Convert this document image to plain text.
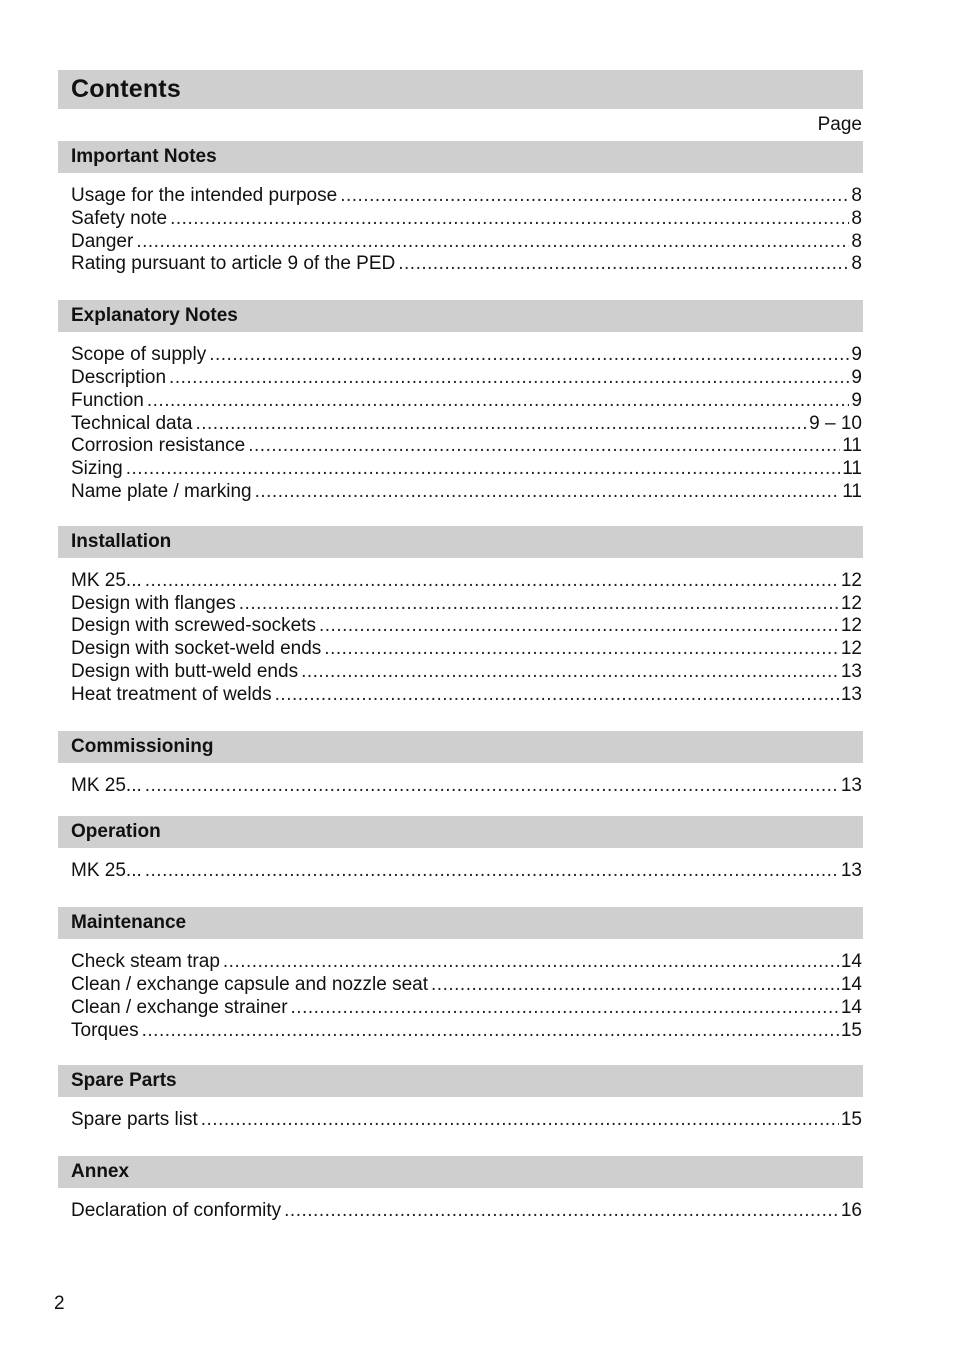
Contents
Page
Important Notes
Usage for the intended purpose .....	8
Safety note .....	8
Danger .....	8
Rating pursuant to article 9 of the PED .....	8
Explanatory Notes
Scope of supply .....	9
Description .....	9
Function .....	9
Technical data .....	9 – 10
Corrosion resistance .....	11
Sizing .....	11
Name plate / marking .....	11
Installation
MK 25... .....	12
Design with flanges .....	12
Design with screwed-sockets .....	12
Design with socket-weld ends .....	12
Design with butt-weld ends .....	13
Heat treatment of welds .....	13
Commissioning
MK 25... .....	13
Operation
MK 25... .....	13
Maintenance
Check steam trap .....	14
Clean / exchange capsule and nozzle seat .....	14
Clean / exchange strainer .....	14
Torques .....	15
Spare Parts
Spare parts list .....	15
Annex
Declaration of conformity .....	16
2
